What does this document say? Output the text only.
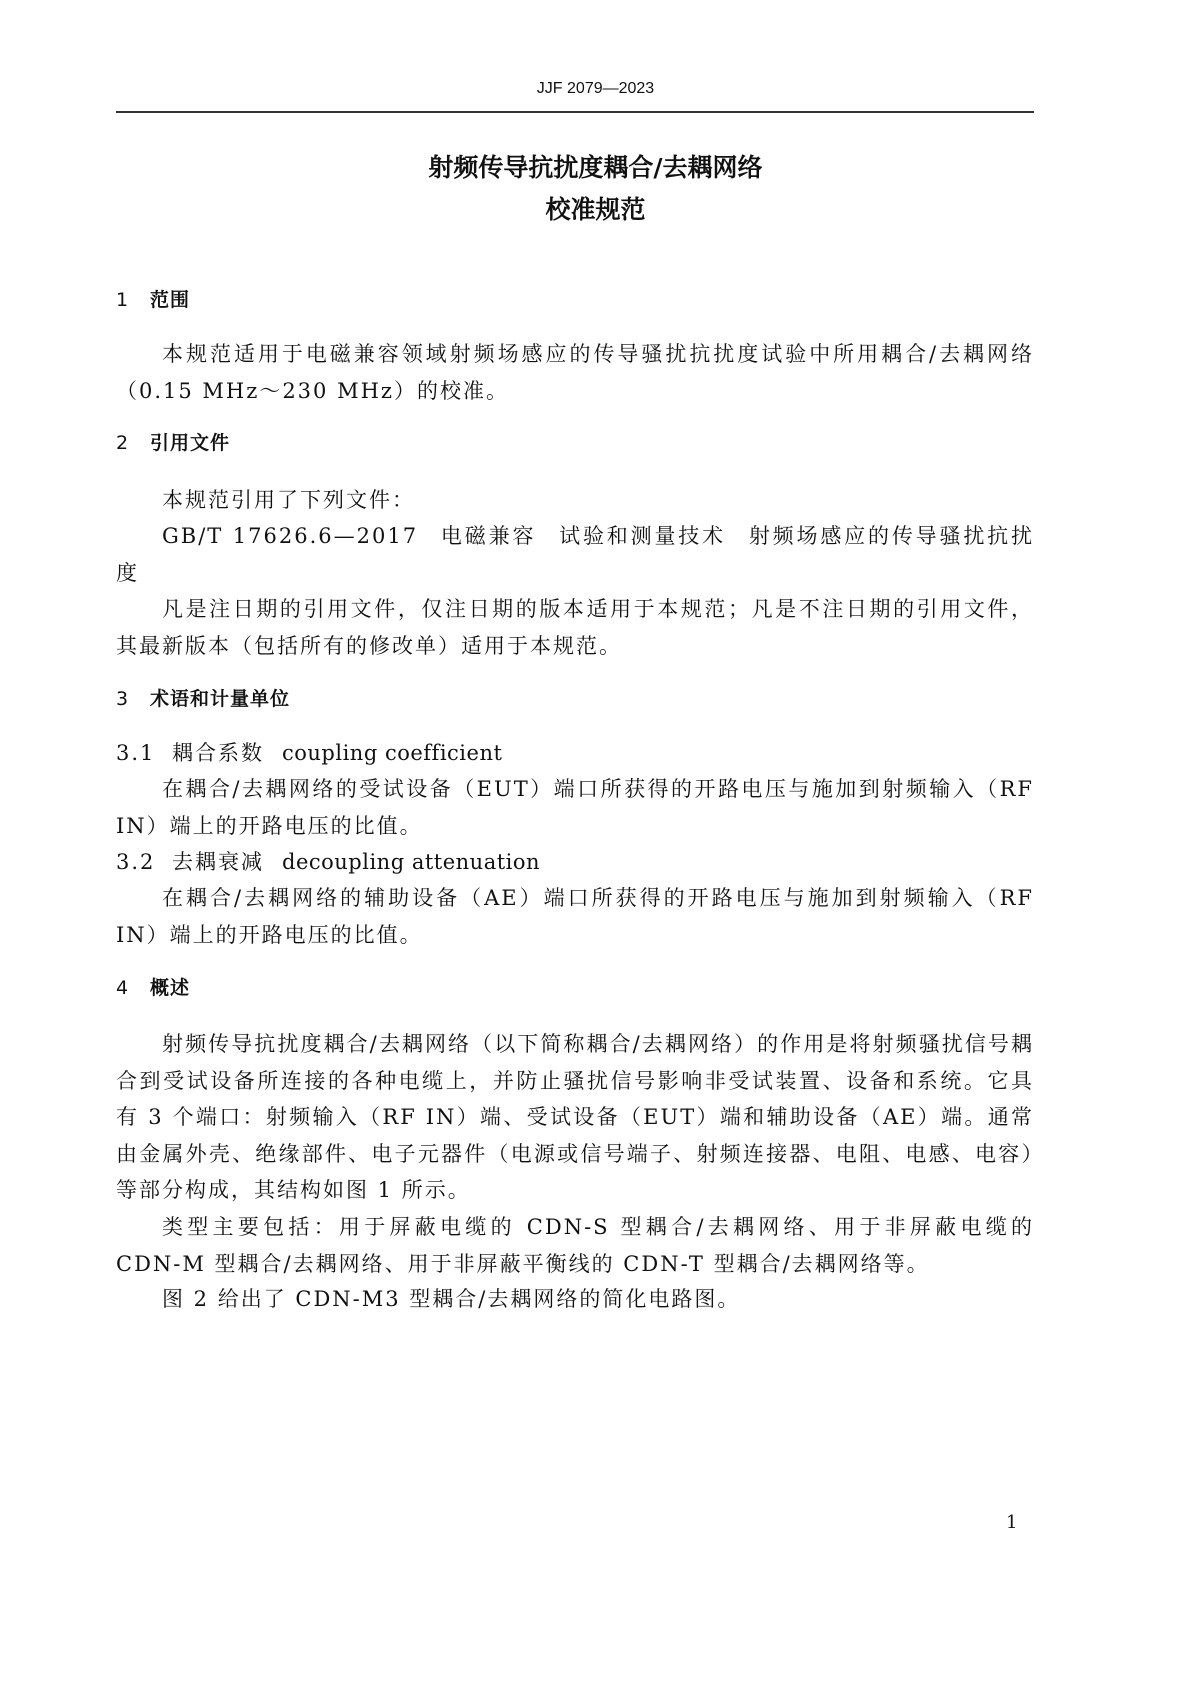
JJF 2079—2023
射频传导抗扰度耦合/去耦网络
校准规范
1 范围
本规范适用于电磁兼容领域射频场感应的传导骚扰抗扰度试验中所用耦合/去耦网络（0.15 MHz～230 MHz）的校准。
2 引用文件
本规范引用了下列文件：
GB/T 17626.6—2017 电磁兼容 试验和测量技术 射频场感应的传导骚扰抗扰度
凡是注日期的引用文件，仅注日期的版本适用于本规范；凡是不注日期的引用文件，其最新版本（包括所有的修改单）适用于本规范。
3 术语和计量单位
3.1 耦合系数 coupling coefficient
在耦合/去耦网络的受试设备（EUT）端口所获得的开路电压与施加到射频输入（RF IN）端上的开路电压的比值。
3.2 去耦衰减 decoupling attenuation
在耦合/去耦网络的辅助设备（AE）端口所获得的开路电压与施加到射频输入（RF IN）端上的开路电压的比值。
4 概述
射频传导抗扰度耦合/去耦网络（以下简称耦合/去耦网络）的作用是将射频骚扰信号耦合到受试设备所连接的各种电缆上，并防止骚扰信号影响非受试装置、设备和系统。它具有 3 个端口：射频输入（RF IN）端、受试设备（EUT）端和辅助设备（AE）端。通常由金属外壳、绝缘部件、电子元器件（电源或信号端子、射频连接器、电阻、电感、电容）等部分构成，其结构如图 1 所示。
类型主要包括：用于屏蔽电缆的 CDN-S 型耦合/去耦网络、用于非屏蔽电缆的 CDN-M 型耦合/去耦网络、用于非屏蔽平衡线的 CDN-T 型耦合/去耦网络等。
图 2 给出了 CDN-M3 型耦合/去耦网络的简化电路图。
1
